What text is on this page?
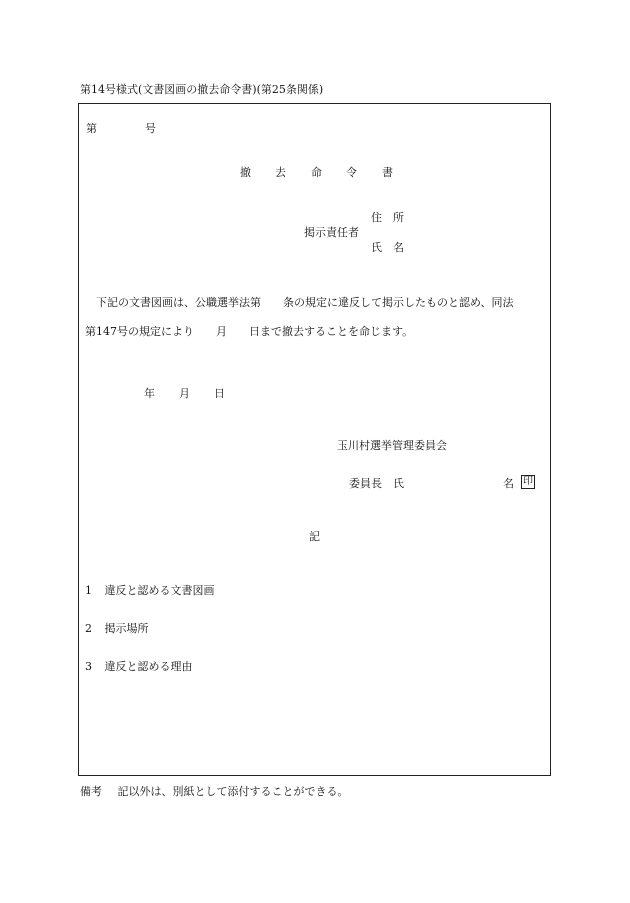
第14号様式(文書図画の撤去命令書)(第25条関係)
第	号
撤 去 命 令 書
住　所
掲示責任者
氏　名
下記の文書図画は、公職選挙法第　　条の規定に違反して掲示したものと認め、同法
第147号の規定により　　月　　日まで撤去することを命じます。
年 月 日
玉川村選挙管理委員会
委員長　氏	名 印
記
1 違反と認める文書図画
2 掲示場所
3 違反と認める理由
備考 記以外は、別紙として添付することができる。
